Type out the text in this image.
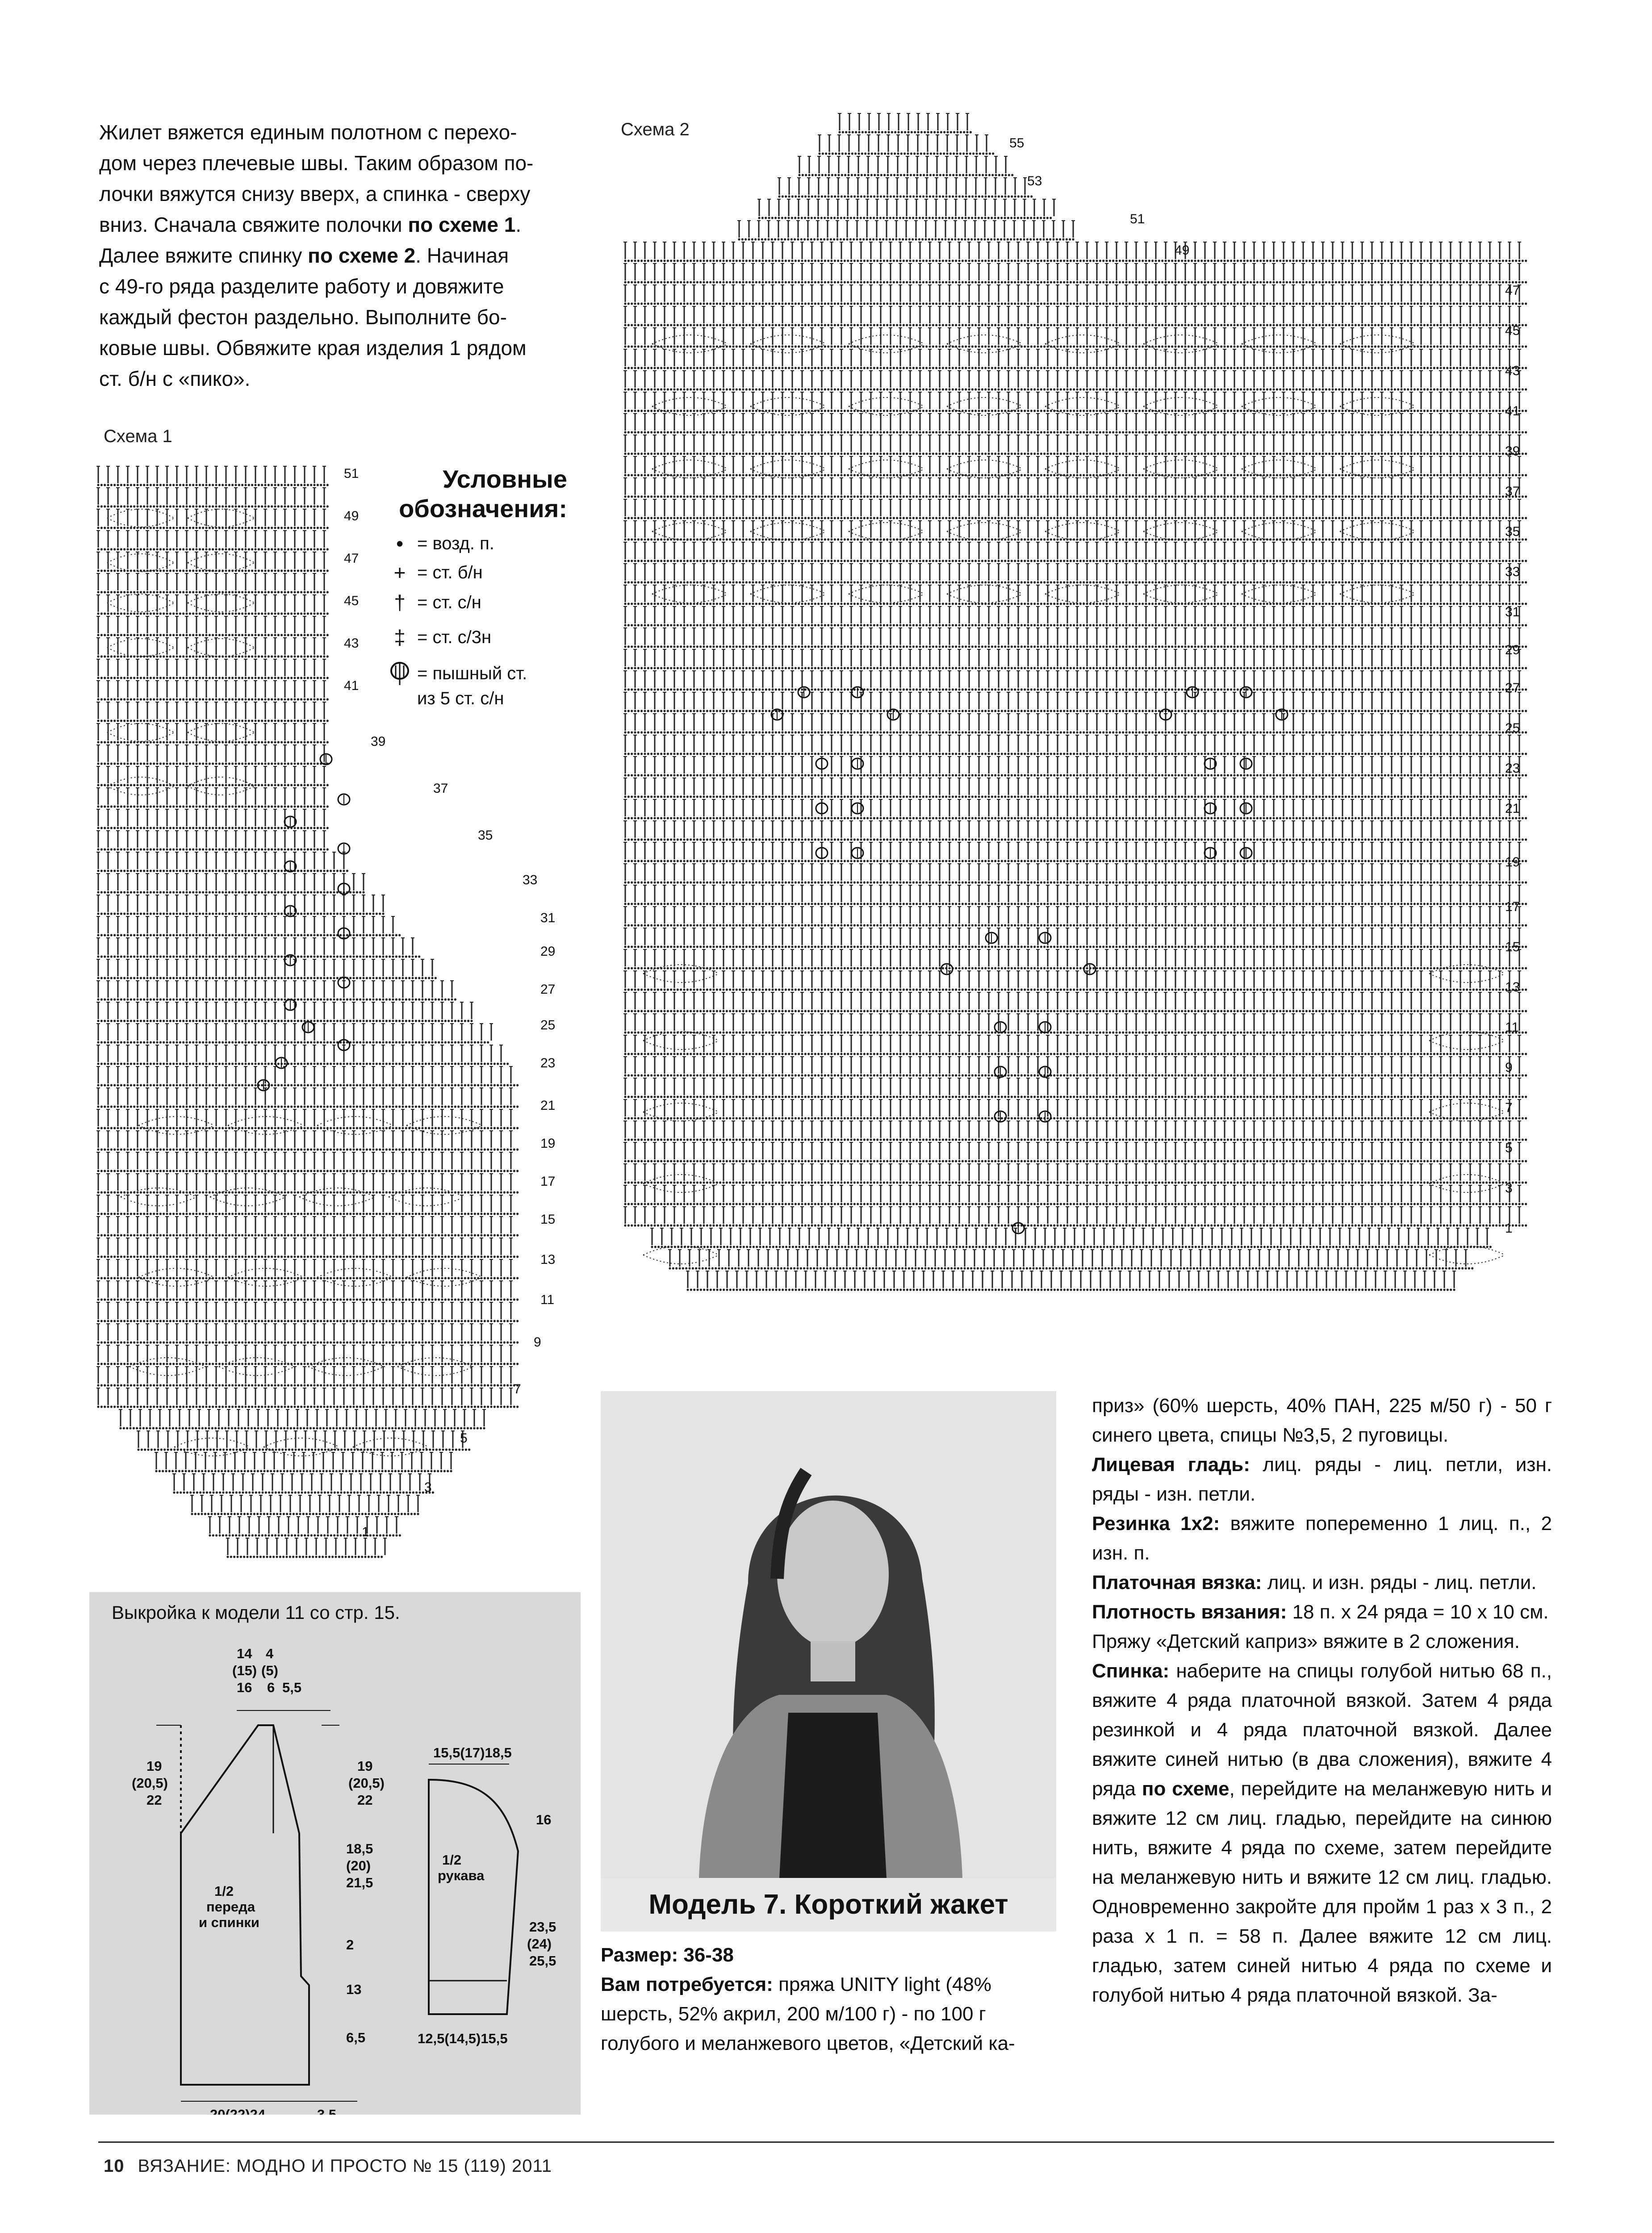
Жилет вяжется единым полотном с перехо-
дом через плечевые швы. Таким образом по-
лочки вяжутся снизу вверх, а спинка - сверху
вниз. Сначала свяжите полочки по схеме 1.
Далее вяжите спинку по схеме 2. Начиная
с 49-го ряда разделите работу и довяжите
каждый фестон раздельно. Выполните бо-
ковые швы. Обвяжите края изделия 1 рядом
ст. б/н с «пико».
Схема 1
Схема 2
51
49
47
45
43
41
39
37
35
33
31
29
27
25
23
21
19
17
15
13
11
9
7
5
3
1
Условные
обозначения:
• = возд. п.
+ = ст. б/н
† = ст. с/н
‡ = ст. с/3н
= пышный ст.
из 5 ст. с/н
55
53
51
49
47
45
43
41
39
37
35
33
31
29
27
25
23
21
19
17
15
13
11
9
7
5
3
1
Выкройка к модели 11 со стр. 15.
14
(15)
16
4
(5)
6 5,5
19
(20,5)
22
19
(20,5)
22
18,5
(20)
21,5
2
13
6,5
20(22)24	3,5
1/2
переда
и спинки
15,5(17)18,5
16
1/2
рукава
23,5
(24)
25,5
12,5(14,5)15,5
Модель 7. Короткий жакет

Размер: 36-38

Вам потребуется: пряжа UNITY light (48%

шерсть, 52% акрил, 200 м/100 г) - по 100 г

голубого и меланжевого цветов, «Детский ка-

приз» (60% шерсть, 40% ПАН, 225 м/50 г) - 50 г синего цвета, спицы №3,5, 2 пуговицы.

Лицевая гладь: лиц. ряды - лиц. петли, изн. ряды - изн. петли.

Резинка 1x2: вяжите попеременно 1 лиц. п., 2 изн. п.

Платочная вязка: лиц. и изн. ряды - лиц. петли.

Плотность вязания: 18 п. х 24 ряда = 10 х 10 см.

Пряжу «Детский каприз» вяжите в 2 сложения.

Спинка: наберите на спицы голубой нитью 68 п., вяжите 4 ряда платочной вязкой. Затем 4 ряда резинкой и 4 ряда платочной вязкой. Далее вяжите синей нитью (в два сложения), вяжите 4 ряда по схеме, перейдите на меланжевую нить и вяжите 12 см лиц. гладью, перейдите на синюю нить, вяжите 4 ряда по схеме, затем перейдите на меланжевую нить и вяжите 12 см лиц. гладью. Одновременно закройте для пройм 1 раз х 3 п., 2 раза х 1 п. = 58 п. Далее вяжите 12 см лиц. гладью, затем синей нитью 4 ряда по схеме и голубой нитью 4 ряда платочной вязкой. За-

10 ВЯЗАНИЕ: МОДНО И ПРОСТО № 15 (119) 2011
